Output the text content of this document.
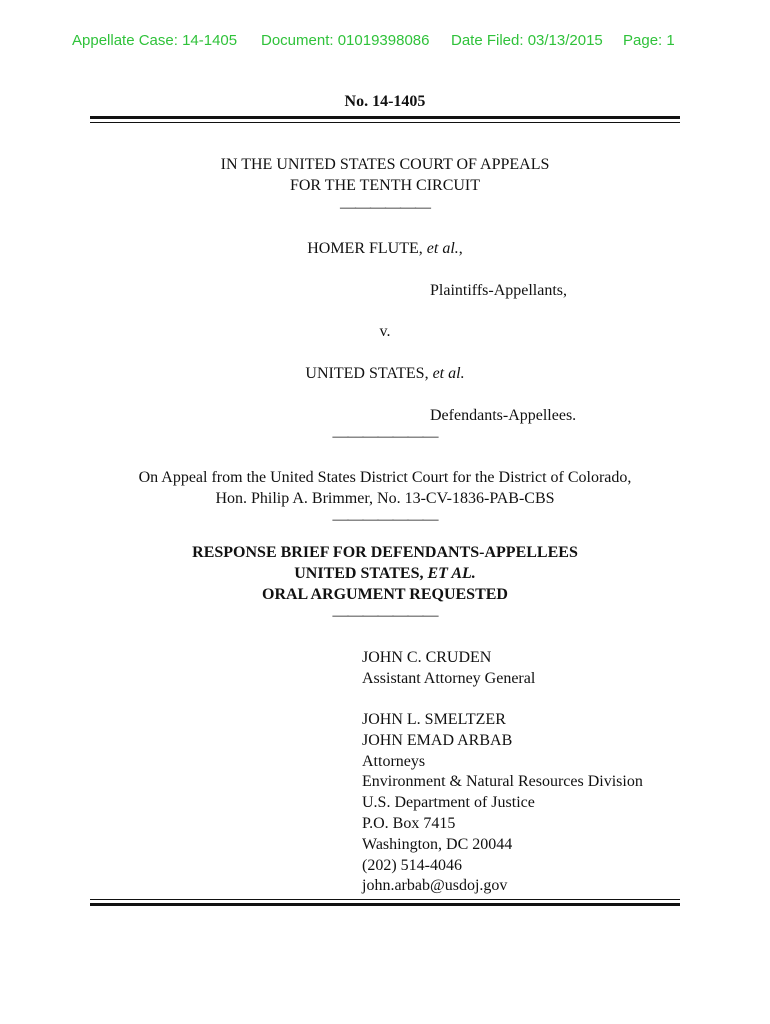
Appellate Case: 14-1405 Document: 01019398086 Date Filed: 03/13/2015 Page: 1
No. 14-1405
IN THE UNITED STATES COURT OF APPEALS
FOR THE TENTH CIRCUIT
——————
HOMER FLUTE, et al.,
Plaintiffs-Appellants,
v.
UNITED STATES, et al.
Defendants-Appellees.
———————
On Appeal from the United States District Court for the District of Colorado,
Hon. Philip A. Brimmer, No. 13-CV-1836-PAB-CBS
———————
RESPONSE BRIEF FOR DEFENDANTS-APPELLEES
UNITED STATES, ET AL.
ORAL ARGUMENT REQUESTED
———————
JOHN C. CRUDEN
Assistant Attorney General
JOHN L. SMELTZER
JOHN EMAD ARBAB
Attorneys
Environment & Natural Resources Division
U.S. Department of Justice
P.O. Box 7415
Washington, DC 20044
(202) 514-4046
john.arbab@usdoj.gov
